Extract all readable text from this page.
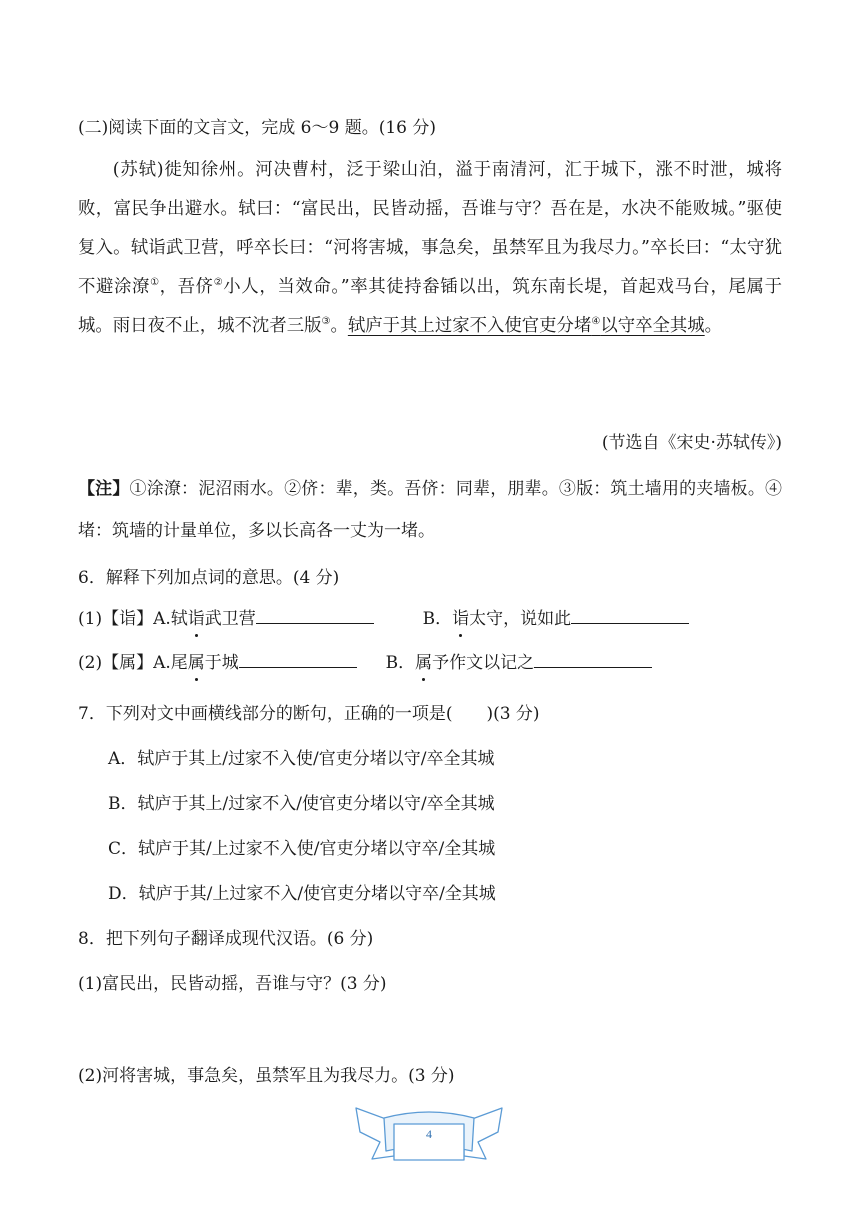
(二)阅读下面的文言文，完成 6～9 题。(16 分)

(苏轼)徙知徐州。河决曹村，泛于梁山泊，溢于南清河，汇于城下，涨不时泄，城将败，富民争出避水。轼曰：“富民出，民皆动摇，吾谁与守？吾在是，水决不能败城。”驱使复入。轼诣武卫营，呼卒长曰：“河将害城，事急矣，虽禁军且为我尽力。”卒长曰：“太守犹不避涂潦①，吾侪②小人，当效命。”率其徒持畚锸以出，筑东南长堤，首起戏马台，尾属于城。雨日夜不止，城不沈者三版③。轼庐于其上过家不入使官吏分堵④以守卒全其城。

(节选自《宋史·苏轼传》)

【注】①涂潦：泥沼雨水。②侪：辈，类。吾侪：同辈，朋辈。③版：筑土墙用的夹墙板。④堵：筑墙的计量单位，多以长高各一丈为一堵。

6．解释下列加点词的意思。(4 分)
(1)【诣】A.轼诣武卫营	B．诣太守，说如此
(2)【属】A.尾属于城	B．属予作文以记之
7．下列对文中画横线部分的断句，正确的一项是(　　)(3 分)
A．轼庐于其上/过家不入使/官吏分堵以守/卒全其城
B．轼庐于其上/过家不入/使官吏分堵以守/卒全其城
C．轼庐于其/上过家不入使/官吏分堵以守卒/全其城
D．轼庐于其/上过家不入/使官吏分堵以守卒/全其城
8．把下列句子翻译成现代汉语。(6 分)
(1)富民出，民皆动摇，吾谁与守？(3 分)
(2)河将害城，事急矣，虽禁军且为我尽力。(3 分)
4
